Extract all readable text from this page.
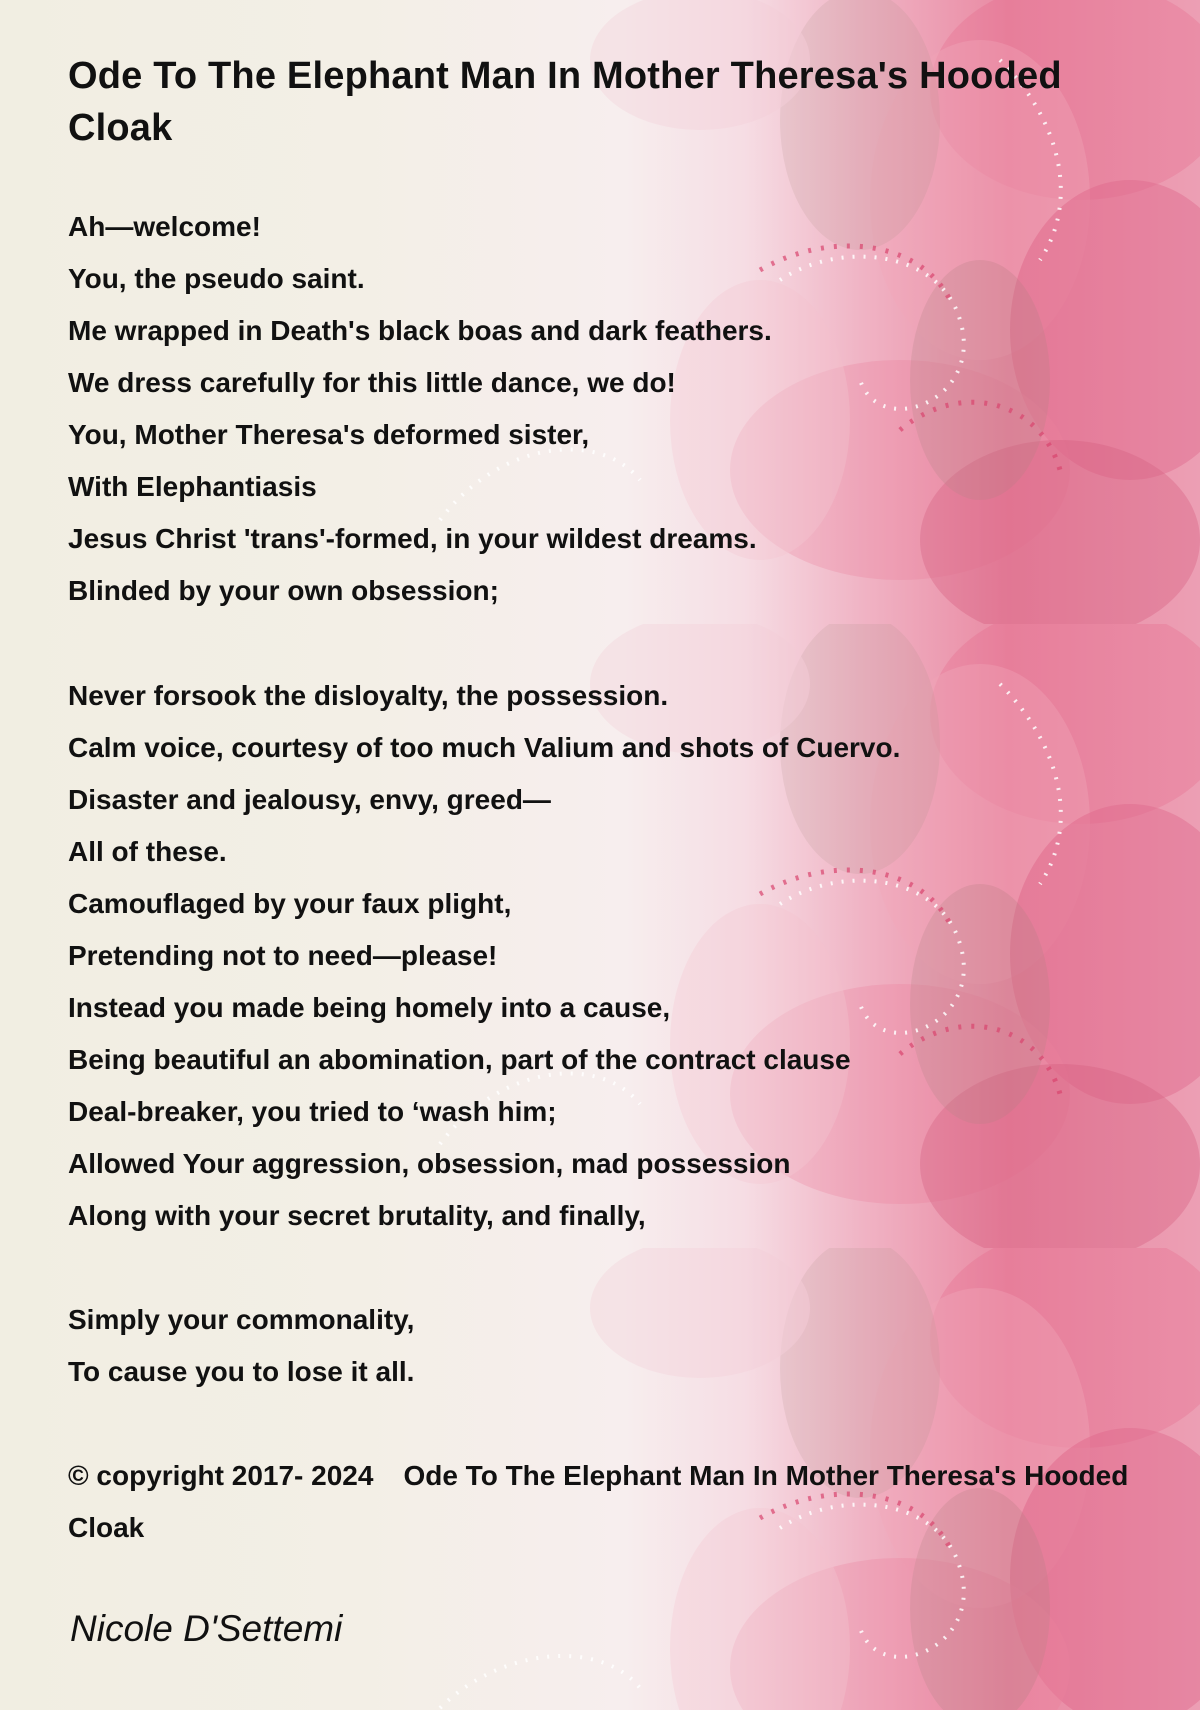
Ode To The Elephant Man In Mother Theresa's Hooded Cloak
Ah—welcome!
You, the pseudo saint.
Me wrapped in Death's black boas and dark feathers.
We dress carefully for this little dance, we do!
You, Mother Theresa's deformed sister,
With Elephantiasis
Jesus Christ 'trans'-formed, in your wildest dreams.
Blinded by your own obsession;
Never forsook the disloyalty, the possession.
Calm voice, courtesy of too much Valium and shots of Cuervo.
Disaster and jealousy, envy, greed—
All of these.
Camouflaged by your faux plight,
Pretending not to need—please!
Instead you made being homely into a cause,
Being beautiful an abomination, part of the contract clause
Deal-breaker, you tried to ‘wash him;
Allowed Your aggression, obsession, mad possession
Along with your secret brutality, and finally,
Simply your commonality,
To cause you to lose it all.

© copyright 2017- 2024 Ode To The Elephant Man In Mother Theresa's Hooded Cloak

Nicole D'Settemi
